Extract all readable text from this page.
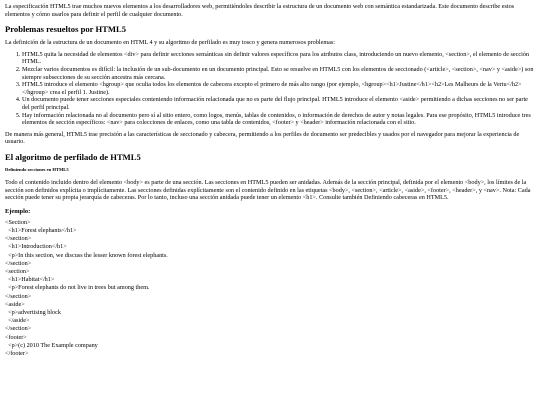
La especificación HTML5 trae muchos nuevos elementos a los desarrolladores web, permitiéndoles describir la estructura de un documento web con semántica estandarizada. Este documento describe estos elementos y cómo usarlos para definir el perfil de cualquier documento.

Problemas resueltos por HTML5

La definición de la estructura de un documento en HTML 4 y su algoritmo de perfilado es muy tosco y genera numerosos problemas:

1. HTML5 quita la necesidad de elementos <div> para definir secciones semánticas sin definir valores específicos para los atributos class, introduciendo un nuevo elemento, <section>, el elemento de sección HTML.
2. Mezclar varios documentos es difícil: la inclusión de un sub-documento en un documento principal. Esto se resuelve en HTML5 con los elementos de seccionado (<article>, <section>, <nav> y <aside>) son siempre subsecciones de su sección ancestra más cercana.
3. HTML5 introduce el elemento <hgroup> que oculta todos los elementos de cabecera excepto el primero de más alto rango (por ejemplo, <hgroup><h1>Justine</h1><h2>Les Malheurs de la Vertu</h2></hgroup> crea el perfil 1. Justine).
4. Un documento puede tener secciones especiales conteniendo información relacionada que no es parte del flujo principal. HTML5 introduce el elemento <aside> permitiendo a dichas secciones no ser parte del perfil principal.
5. Hay información relacionada no al documento pero sí al sitio entero, como logos, menús, tablas de contenidos, o información de derechos de autor y notas legales. Para ese propósito, HTML5 introduce tres elementos de sección específicos: <nav> para colecciones de enlaces, como una tabla de contenidos, <footer> y <header> información relacionada con el sitio.

De manera más general, HTML5 trae precisión a las características de seccionado y cabecera, permitiendo a los perfiles de documento ser predecibles y usados por el navegador para mejorar la experiencia de usuario.

El algoritmo de perfilado de HTML5
Definiendo secciones en HTML5

Todo el contenido incluido dentro del elemento <body> es parte de una sección. Las secciones en HTML5 pueden ser anidadas. Además de la sección principal, definida por el elemento <body>, los límites de la sección son definidos explícita o implícitamente. Las secciones definidas explícitamente son el contenido definido en las etiquetas <body>, <section>, <article>, <aside>, <footer>, <header>, y <nav>. Nota: Cada sección puede tener su propia jerarquía de cabeceras. Por lo tanto, incluso una sección anidada puede tener un elemento <h1>. Consulte también Definiendo cabeceras en HTML5.

Ejemplo:
<Section>
<h1>Forest elephants</h1>
</section>
<h1>Introduction</h1>
<p>In this section, we discuss the lesser known forest elephants.
</section>
<section>
<h1>Habitat</h1>
<p>Forest elephants do not live in trees but among them.
</section>
<aside>
<p>advertising block
</aside>
</section>
<footer>
<p>(c) 2010 The Example company
</footer>
